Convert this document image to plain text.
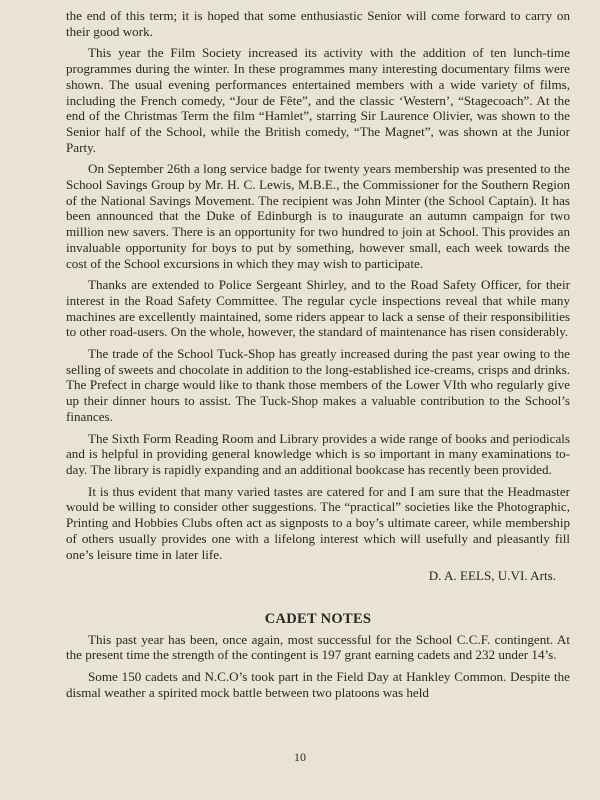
the end of this term; it is hoped that some enthusiastic Senior will come forward to carry on their good work.

This year the Film Society increased its activity with the addition of ten lunch-time programmes during the winter. In these programmes many interesting documentary films were shown. The usual evening performances entertained members with a wide variety of films, including the French comedy, “Jour de Fête”, and the classic ‘Western’, “Stagecoach”. At the end of the Christmas Term the film “Hamlet”, starring Sir Laurence Olivier, was shown to the Senior half of the School, while the British comedy, “The Magnet”, was shown at the Junior Party.

On September 26th a long service badge for twenty years membership was presented to the School Savings Group by Mr. H. C. Lewis, M.B.E., the Commissioner for the Southern Region of the National Savings Movement. The recipient was John Minter (the School Captain). It has been announced that the Duke of Edinburgh is to inaugurate an autumn campaign for two million new savers. There is an opportunity for two hundred to join at School. This provides an invaluable opportunity for boys to put by something, however small, each week towards the cost of the School excursions in which they may wish to participate.

Thanks are extended to Police Sergeant Shirley, and to the Road Safety Officer, for their interest in the Road Safety Committee. The regular cycle inspections reveal that while many machines are excellently maintained, some riders appear to lack a sense of their responsibilities to other road-users. On the whole, however, the standard of maintenance has risen considerably.

The trade of the School Tuck-Shop has greatly increased during the past year owing to the selling of sweets and chocolate in addition to the long-established ice-creams, crisps and drinks. The Prefect in charge would like to thank those members of the Lower VIth who regularly give up their dinner hours to assist. The Tuck-Shop makes a valuable contribution to the School’s finances.

The Sixth Form Reading Room and Library provides a wide range of books and periodicals and is helpful in providing general knowledge which is so important in many examinations to-day. The library is rapidly expanding and an additional bookcase has recently been provided.

It is thus evident that many varied tastes are catered for and I am sure that the Headmaster would be willing to consider other suggestions. The “practical” societies like the Photographic, Printing and Hobbies Clubs often act as signposts to a boy’s ultimate career, while membership of others usually provides one with a lifelong interest which will usefully and pleasantly fill one’s leisure time in later life.

D. A. EELS, U.VI. Arts.
CADET NOTES

This past year has been, once again, most successful for the School C.C.F. contingent. At the present time the strength of the contingent is 197 grant earning cadets and 232 under 14’s.

Some 150 cadets and N.C.O’s took part in the Field Day at Hankley Common. Despite the dismal weather a spirited mock battle between two platoons was held

10
